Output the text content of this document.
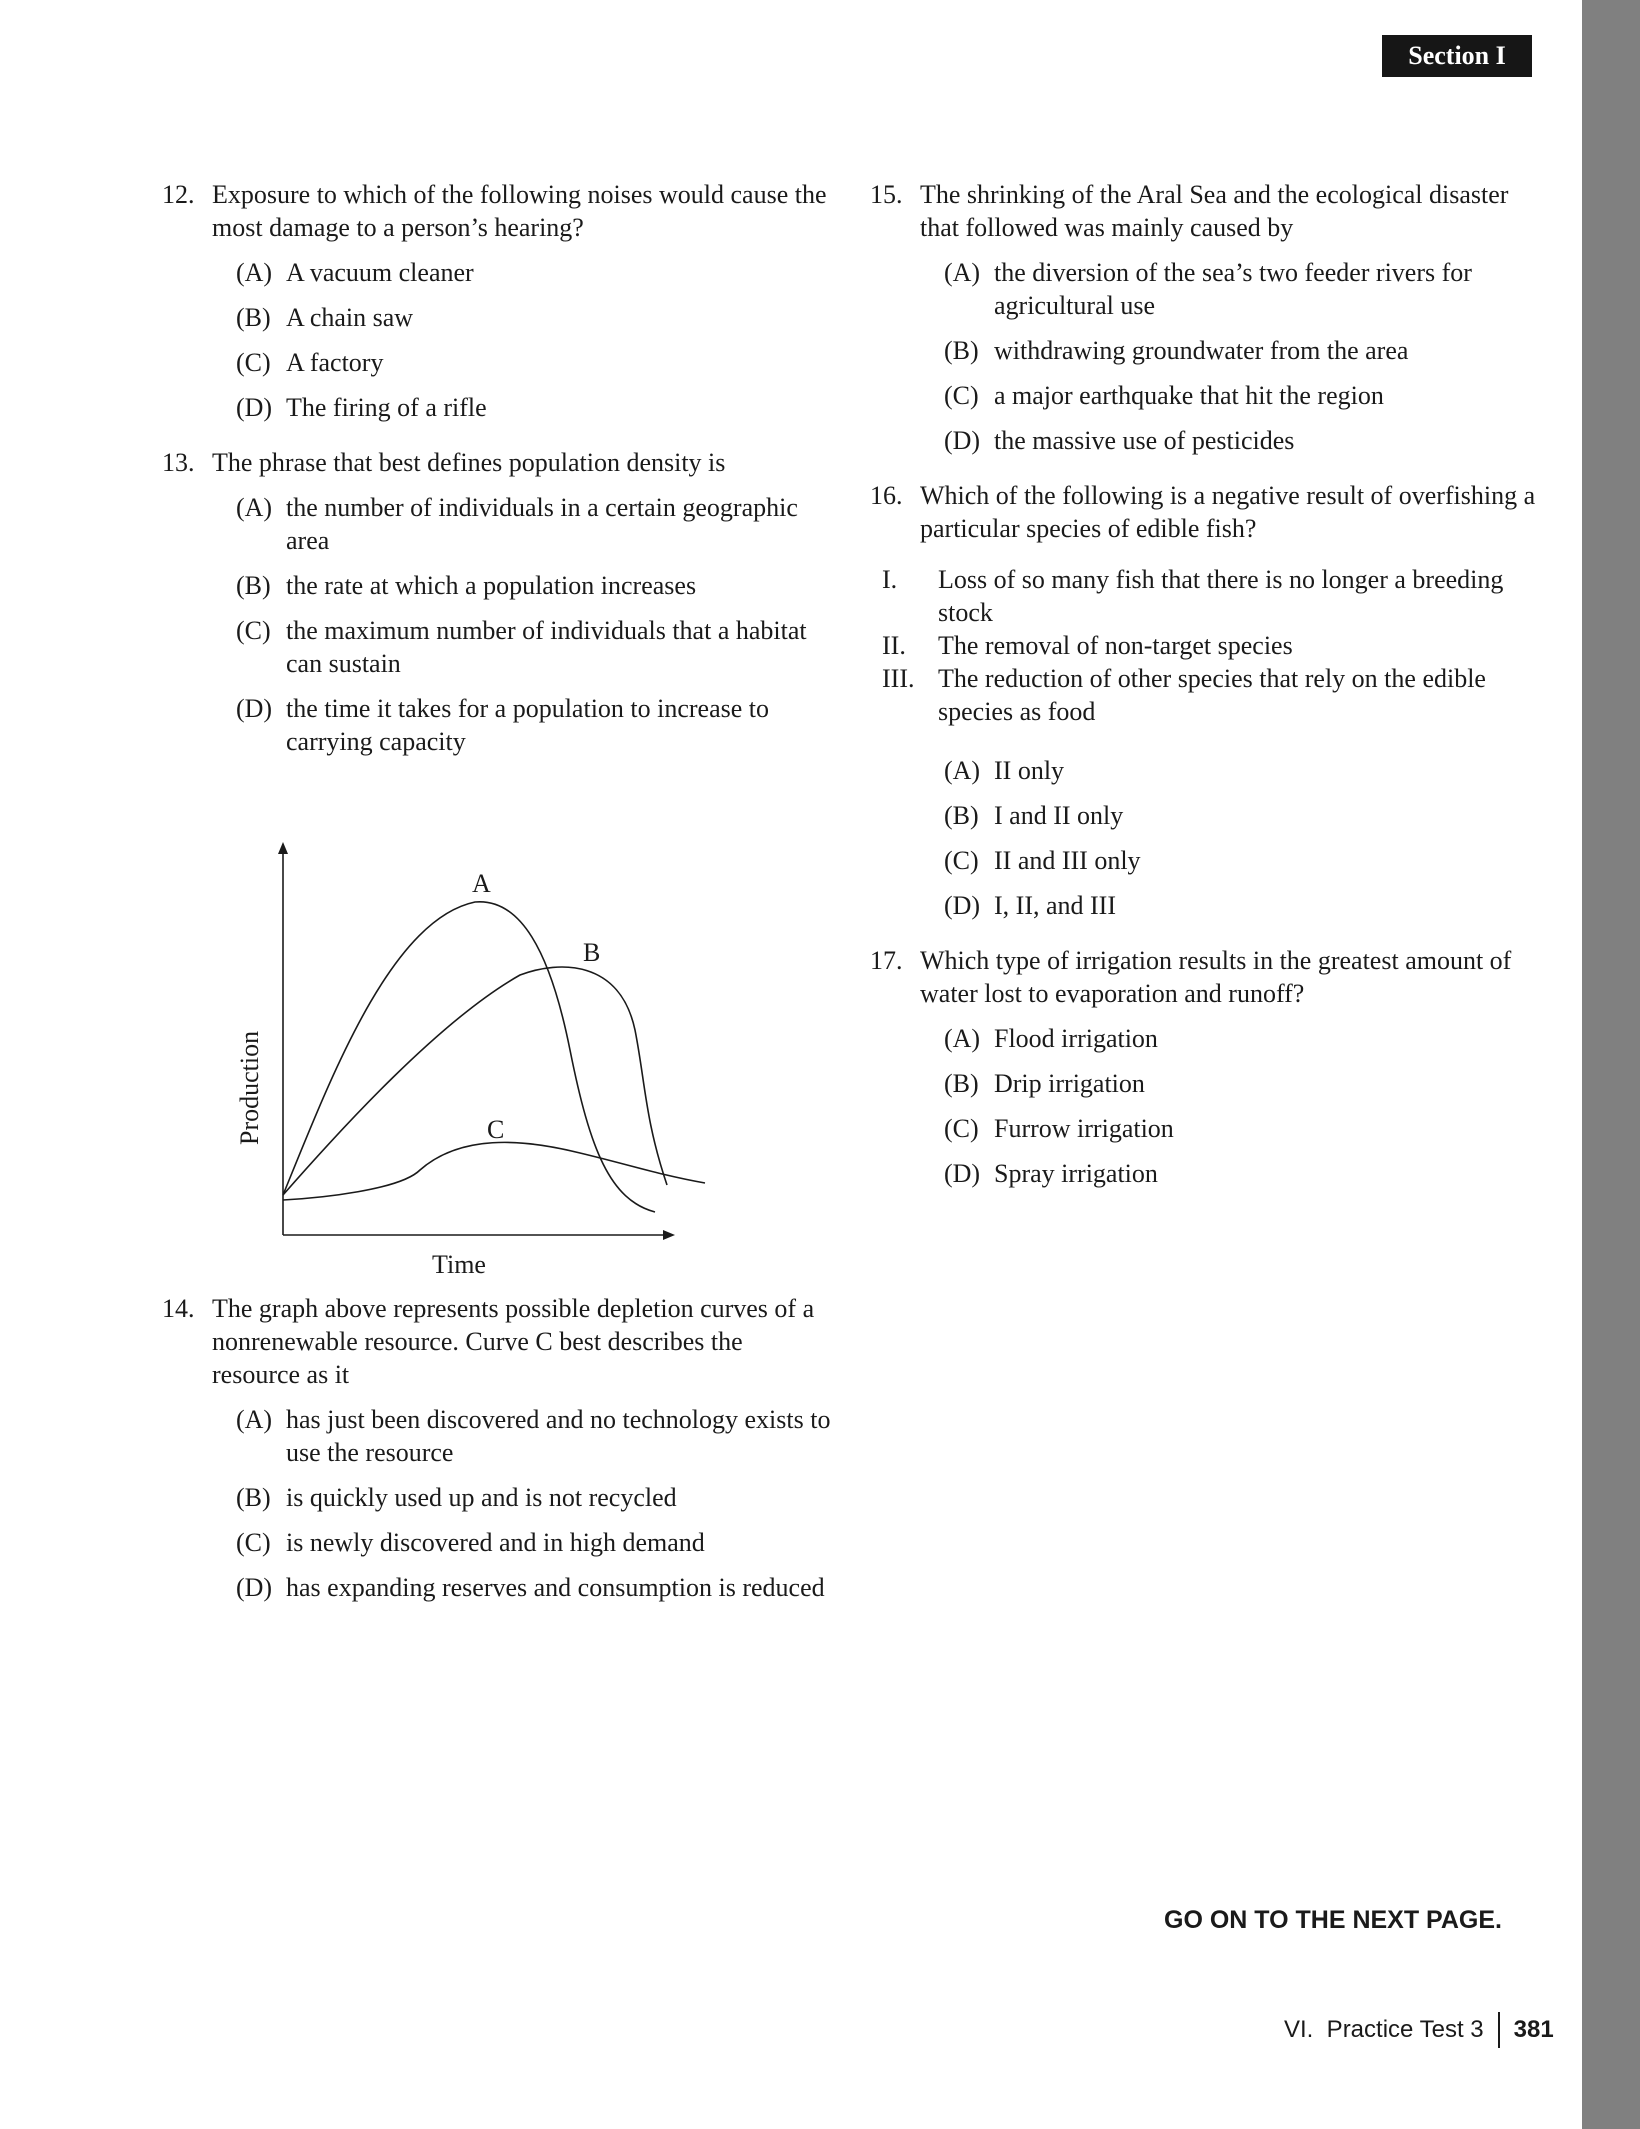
Section I
12. Exposure to which of the following noises would cause the most damage to a person’s hearing?
(A) A vacuum cleaner
(B) A chain saw
(C) A factory
(D) The firing of a rifle
13. The phrase that best defines population density is
(A) the number of individuals in a certain geographic area
(B) the rate at which a population increases
(C) the maximum number of individuals that a habitat can sustain
(D) the time it takes for a population to increase to carrying capacity
A
B
C
Time
Production
14. The graph above represents possible depletion curves of a nonrenewable resource. Curve C best describes the resource as it
(A) has just been discovered and no technology exists to use the resource
(B) is quickly used up and is not recycled
(C) is newly discovered and in high demand
(D) has expanding reserves and consumption is reduced
15. The shrinking of the Aral Sea and the ecological disaster that followed was mainly caused by
(A) the diversion of the sea’s two feeder rivers for agricultural use
(B) withdrawing groundwater from the area
(C) a major earthquake that hit the region
(D) the massive use of pesticides
16. Which of the following is a negative result of overfishing a particular species of edible fish?
I. Loss of so many fish that there is no longer a breeding stock
II. The removal of non-target species
III. The reduction of other species that rely on the edible species as food
(A) II only
(B) I and II only
(C) II and III only
(D) I, II, and III
17. Which type of irrigation results in the greatest amount of water lost to evaporation and runoff?
(A) Flood irrigation
(B) Drip irrigation
(C) Furrow irrigation
(D) Spray irrigation
GO ON TO THE NEXT PAGE.
VI.  Practice Test 3 381
